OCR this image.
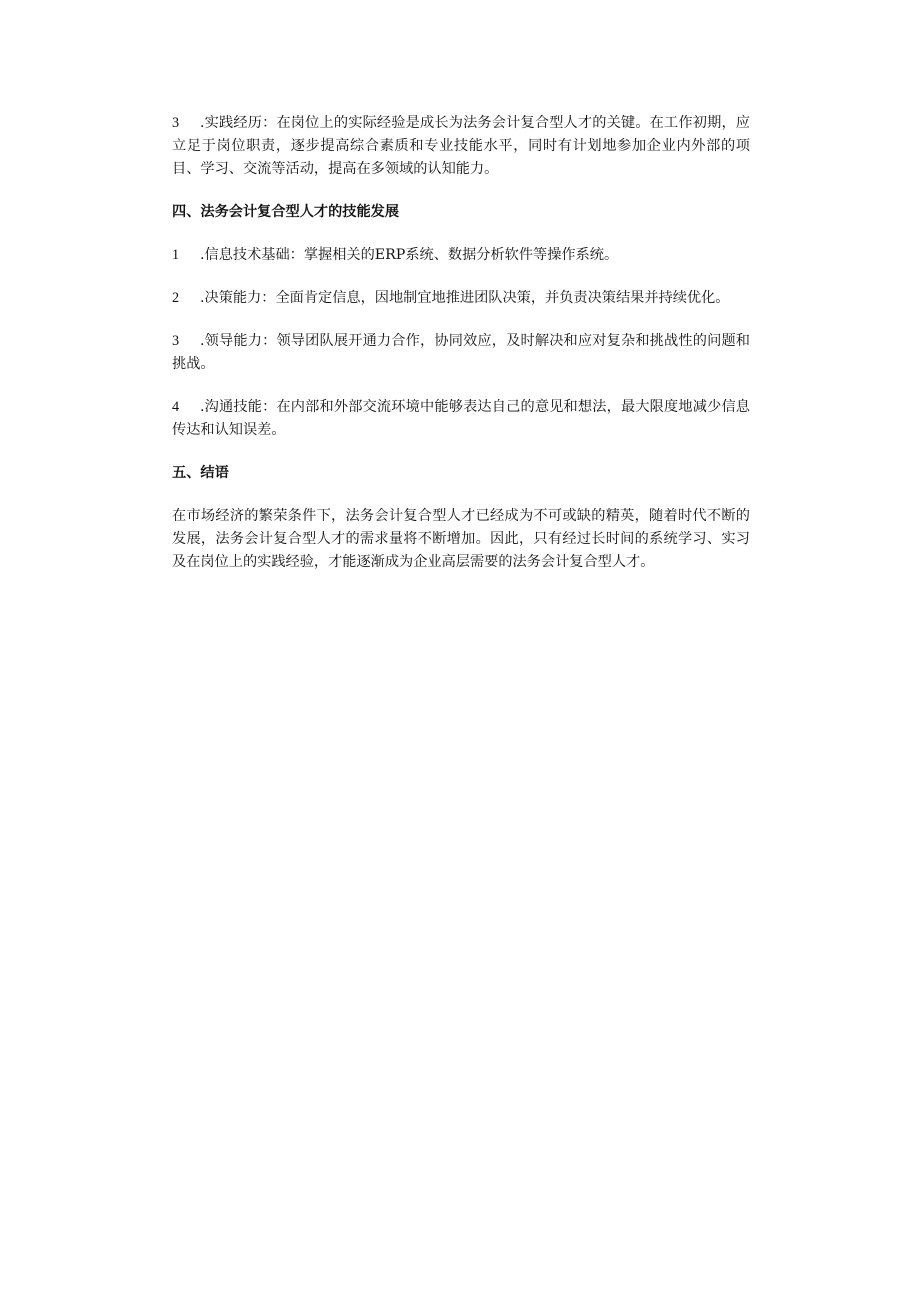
3 .实践经历：在岗位上的实际经验是成长为法务会计复合型人才的关键。在工作初期，应立足于岗位职责，逐步提高综合素质和专业技能水平，同时有计划地参加企业内外部的项目、学习、交流等活动，提高在多领域的认知能力。

四、法务会计复合型人才的技能发展

1 .信息技术基础：掌握相关的ERP系统、数据分析软件等操作系统。

2 .决策能力：全面肯定信息，因地制宜地推进团队决策，并负责决策结果并持续优化。

3 .领导能力：领导团队展开通力合作，协同效应，及时解决和应对复杂和挑战性的问题和挑战。

4 .沟通技能：在内部和外部交流环境中能够表达自己的意见和想法，最大限度地减少信息传达和认知误差。

五、结语

在市场经济的繁荣条件下，法务会计复合型人才已经成为不可或缺的精英，随着时代不断的发展，法务会计复合型人才的需求量将不断增加。因此，只有经过长时间的系统学习、实习及在岗位上的实践经验，才能逐渐成为企业高层需要的法务会计复合型人才。
